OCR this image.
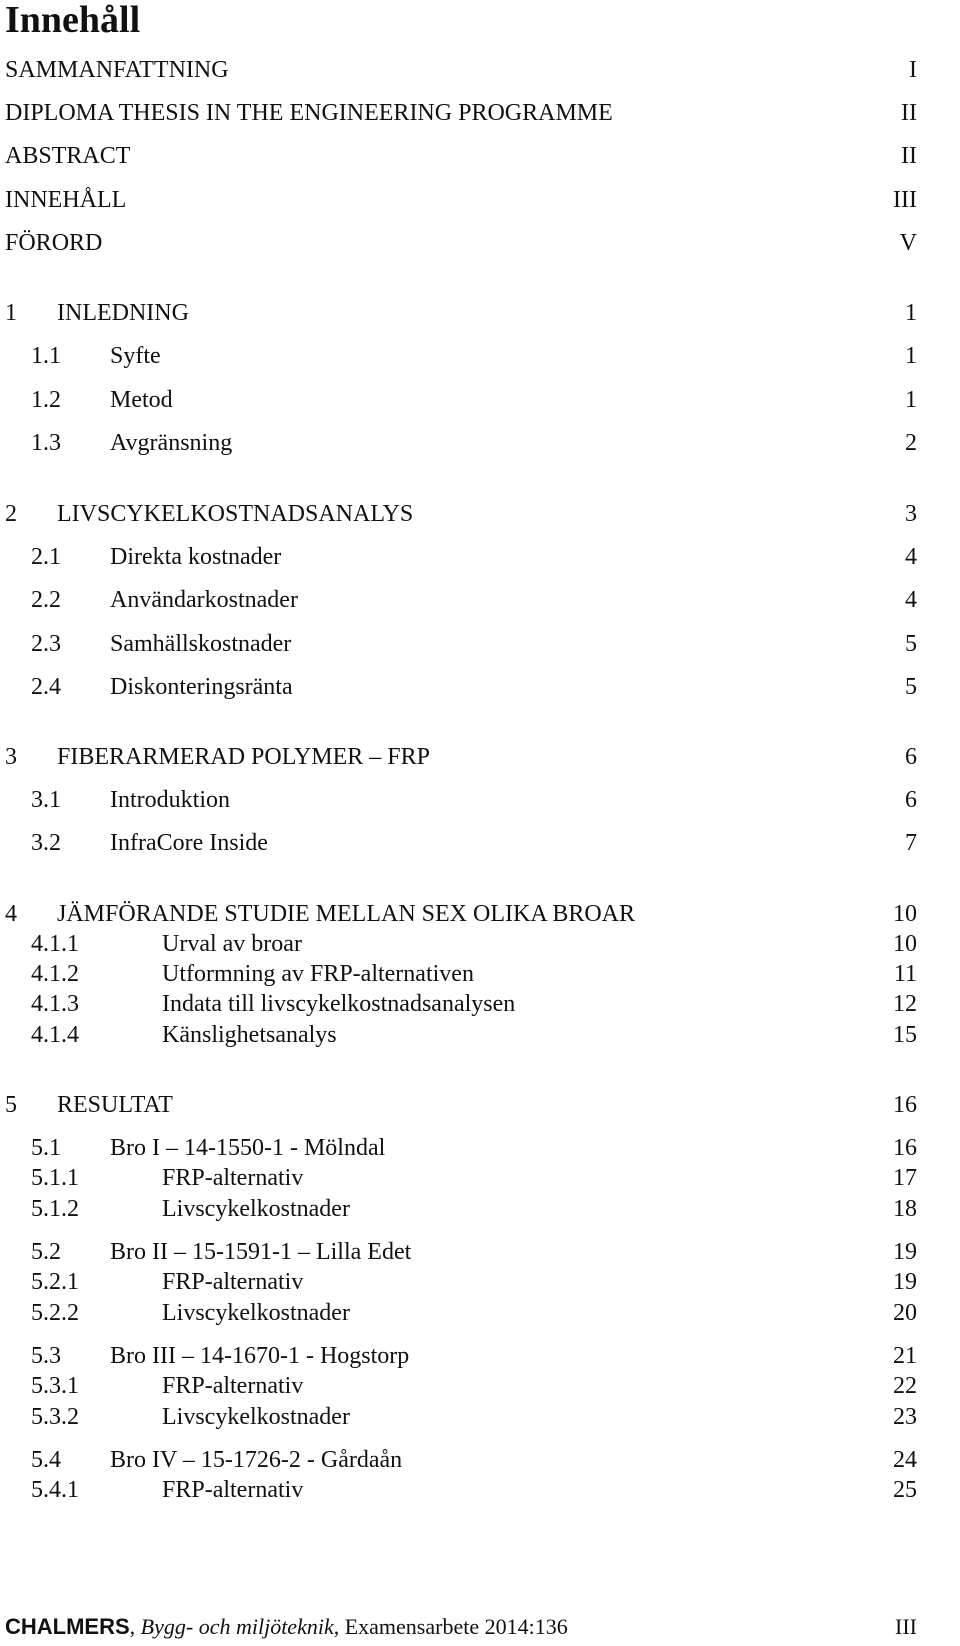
Innehåll
SAMMANFATTNING	I
DIPLOMA THESIS IN THE ENGINEERING PROGRAMME	II
ABSTRACT	II
INNEHÅLL	III
FÖRORD	V
1 INLEDNING	1
1.1 Syfte	1
1.2 Metod	1
1.3 Avgränsning	2
2 LIVSCYKELKOSTNADSANALYS	3
2.1 Direkta kostnader	4
2.2 Användarkostnader	4
2.3 Samhällskostnader	5
2.4 Diskonteringsränta	5
3 FIBERARMERAD POLYMER – FRP	6
3.1 Introduktion	6
3.2 InfraCore Inside	7
4 JÄMFÖRANDE STUDIE MELLAN SEX OLIKA BROAR	10
4.1.1	Urval av broar	10
4.1.2	Utformning av FRP-alternativen	11
4.1.3	Indata till livscykelkostnadsanalysen	12
4.1.4	Känslighetsanalys	15
5 RESULTAT	16
5.1 Bro I – 14-1550-1 - Mölndal	16
5.1.1	FRP-alternativ	17
5.1.2	Livscykelkostnader	18
5.2 Bro II – 15-1591-1 – Lilla Edet	19
5.2.1	FRP-alternativ	19
5.2.2	Livscykelkostnader	20
5.3 Bro III – 14-1670-1 - Hogstorp	21
5.3.1	FRP-alternativ	22
5.3.2	Livscykelkostnader	23
5.4 Bro IV – 15-1726-2 - Gårdaån	24
5.4.1	FRP-alternativ	25
CHALMERS, Bygg- och miljöteknik, Examensarbete 2014:136	III
